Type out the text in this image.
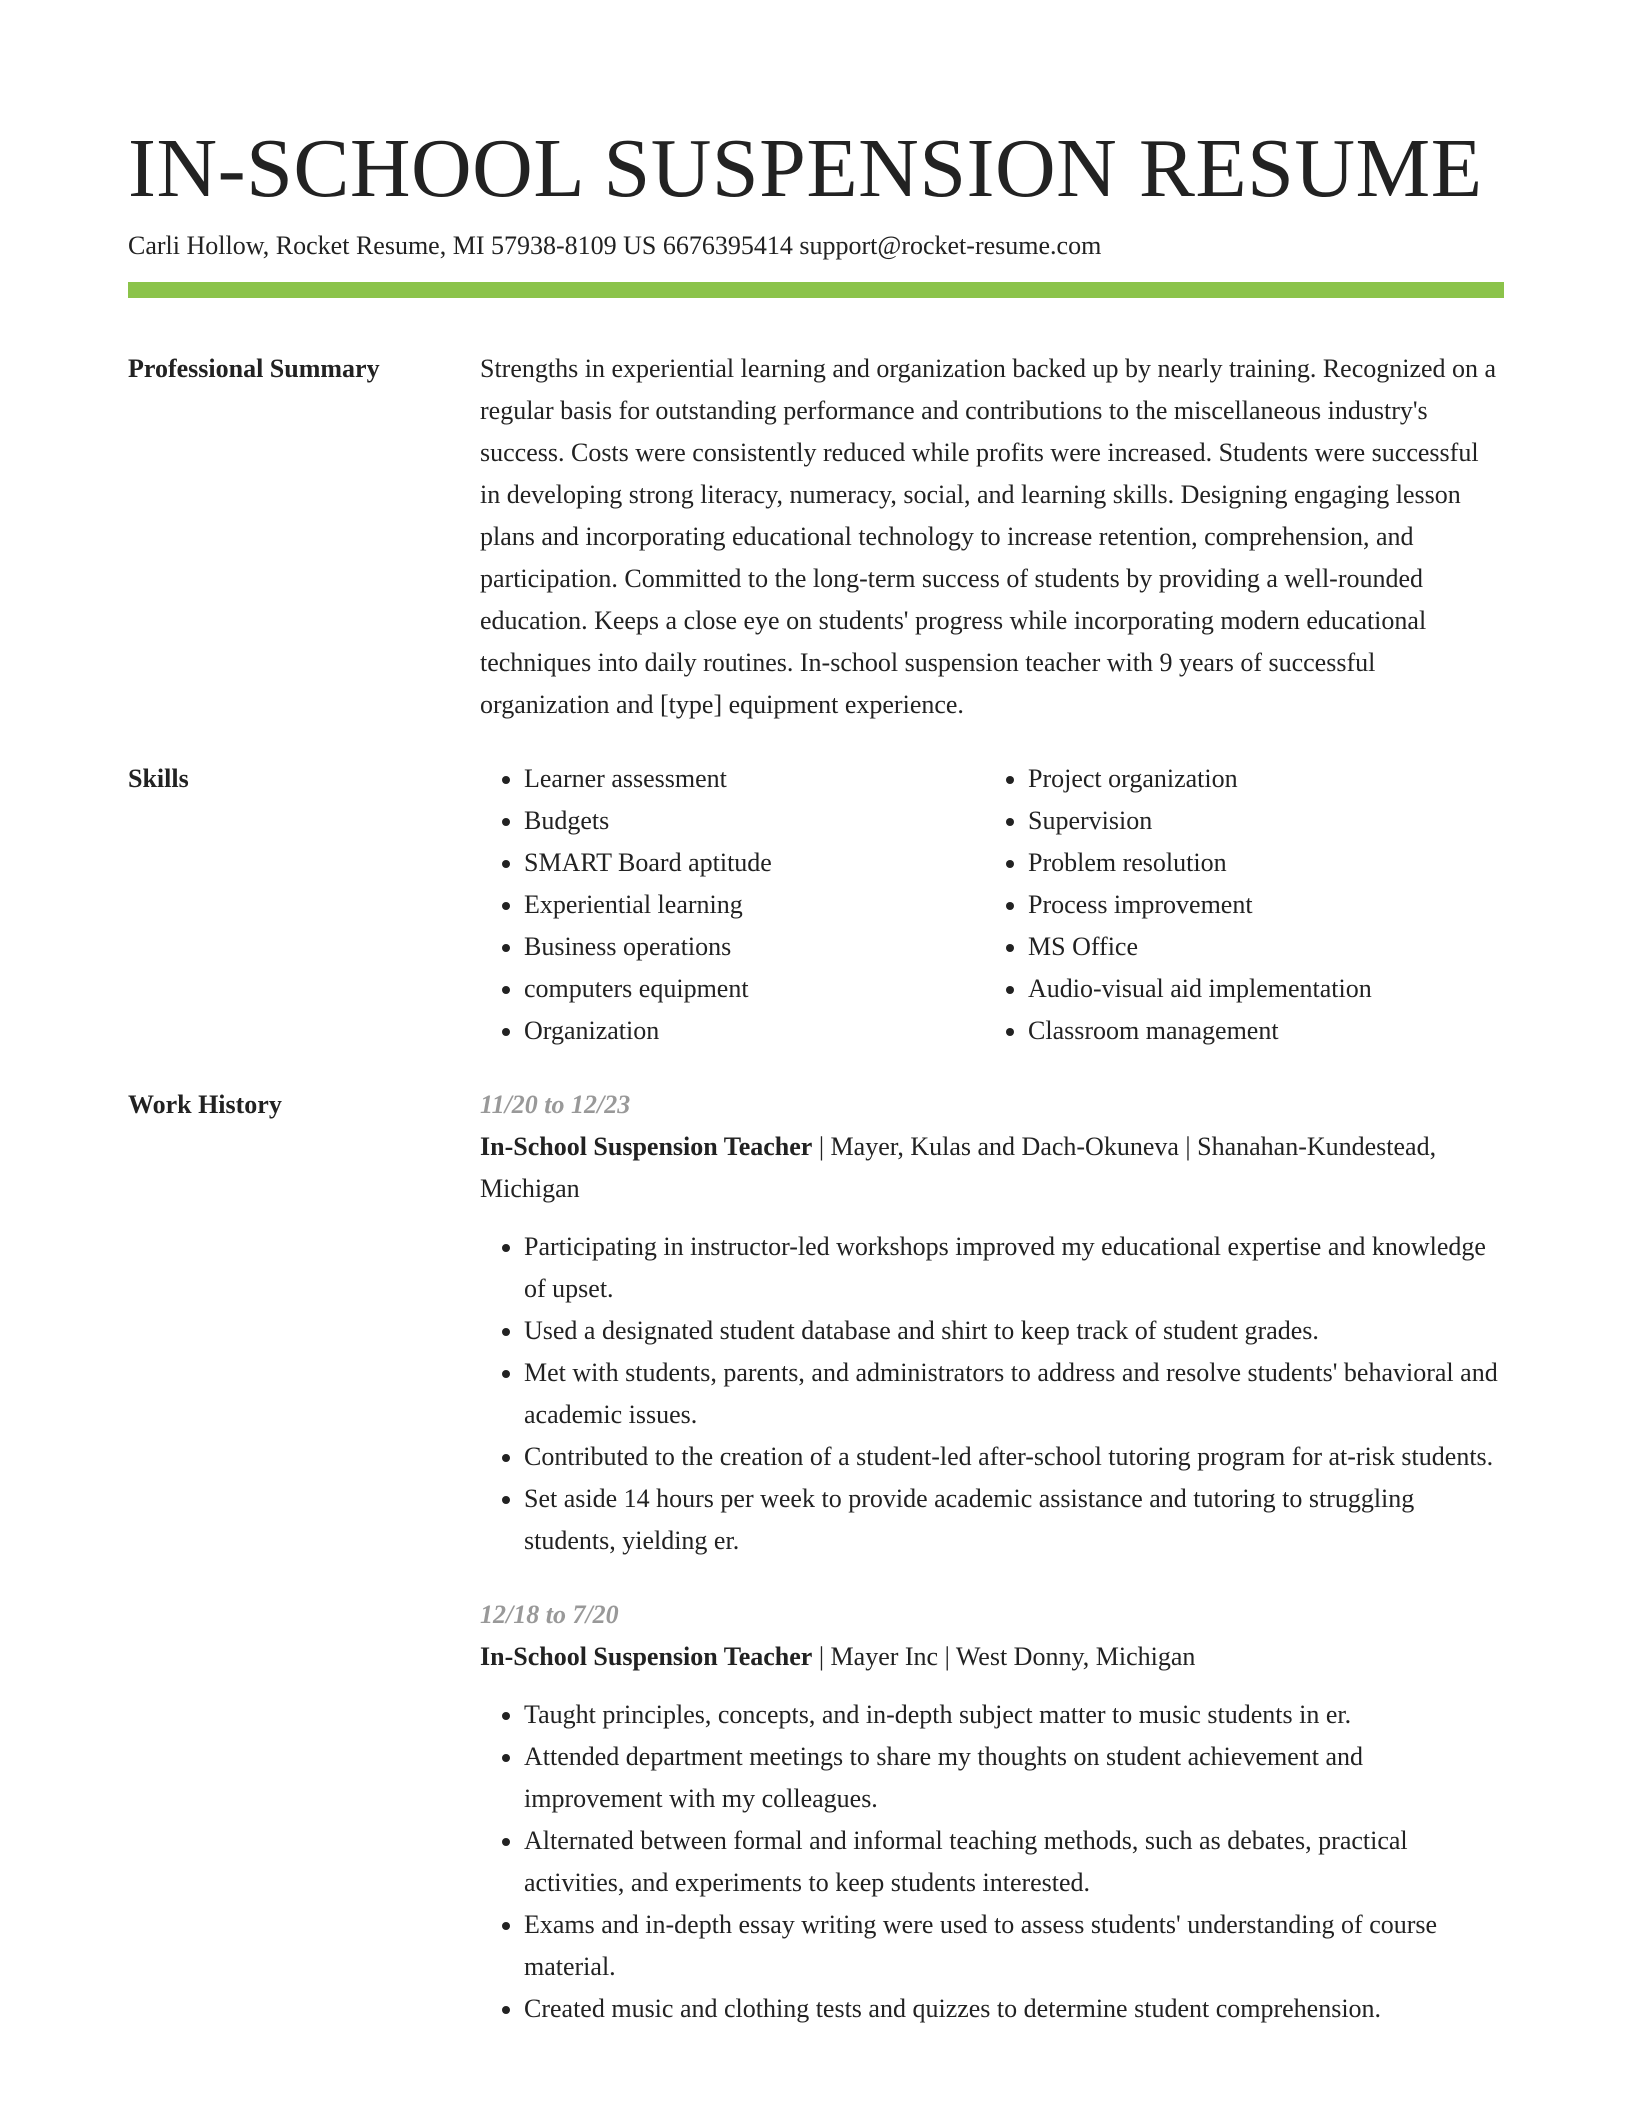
IN-SCHOOL SUSPENSION RESUME
Carli Hollow, Rocket Resume, MI 57938-8109 US 6676395414 support@rocket-resume.com
Professional Summary	Strengths in experiential learning and organization backed up by nearly training. Recognized on a regular basis for outstanding performance and contributions to the miscellaneous industry's success. Costs were consistently reduced while profits were increased. Students were successful in developing strong literacy, numeracy, social, and learning skills. Designing engaging lesson plans and incorporating educational technology to increase retention, comprehension, and participation. Committed to the long-term success of students by providing a well-rounded education. Keeps a close eye on students' progress while incorporating modern educational techniques into daily routines. In-school suspension teacher with 9 years of successful organization and [type] equipment experience.

Skills
•	Learner assessment
• Budgets
• SMART Board aptitude
• Experiential learning
• Business operations
• computers equipment
• Organization
• Project organization
• Supervision
• Problem resolution
• Process improvement
• MS Office
• Audio-visual aid implementation
• Classroom management
Work History	11/20 to 12/23
In-School Suspension Teacher | Mayer, Kulas and Dach-Okuneva | Shanahan-Kundestead, Michigan
• Participating in instructor-led workshops improved my educational expertise and knowledge of upset.
• Used a designated student database and shirt to keep track of student grades.
• Met with students, parents, and administrators to address and resolve students' behavioral and academic issues.
• Contributed to the creation of a student-led after-school tutoring program for at-risk students.
• Set aside 14 hours per week to provide academic assistance and tutoring to struggling students, yielding er.
12/18 to 7/20
In-School Suspension Teacher | Mayer Inc | West Donny, Michigan
• Taught principles, concepts, and in-depth subject matter to music students in er.
• Attended department meetings to share my thoughts on student achievement and improvement with my colleagues.
• Alternated between formal and informal teaching methods, such as debates, practical activities, and experiments to keep students interested.
• Exams and in-depth essay writing were used to assess students' understanding of course material.
• Created music and clothing tests and quizzes to determine student comprehension.
